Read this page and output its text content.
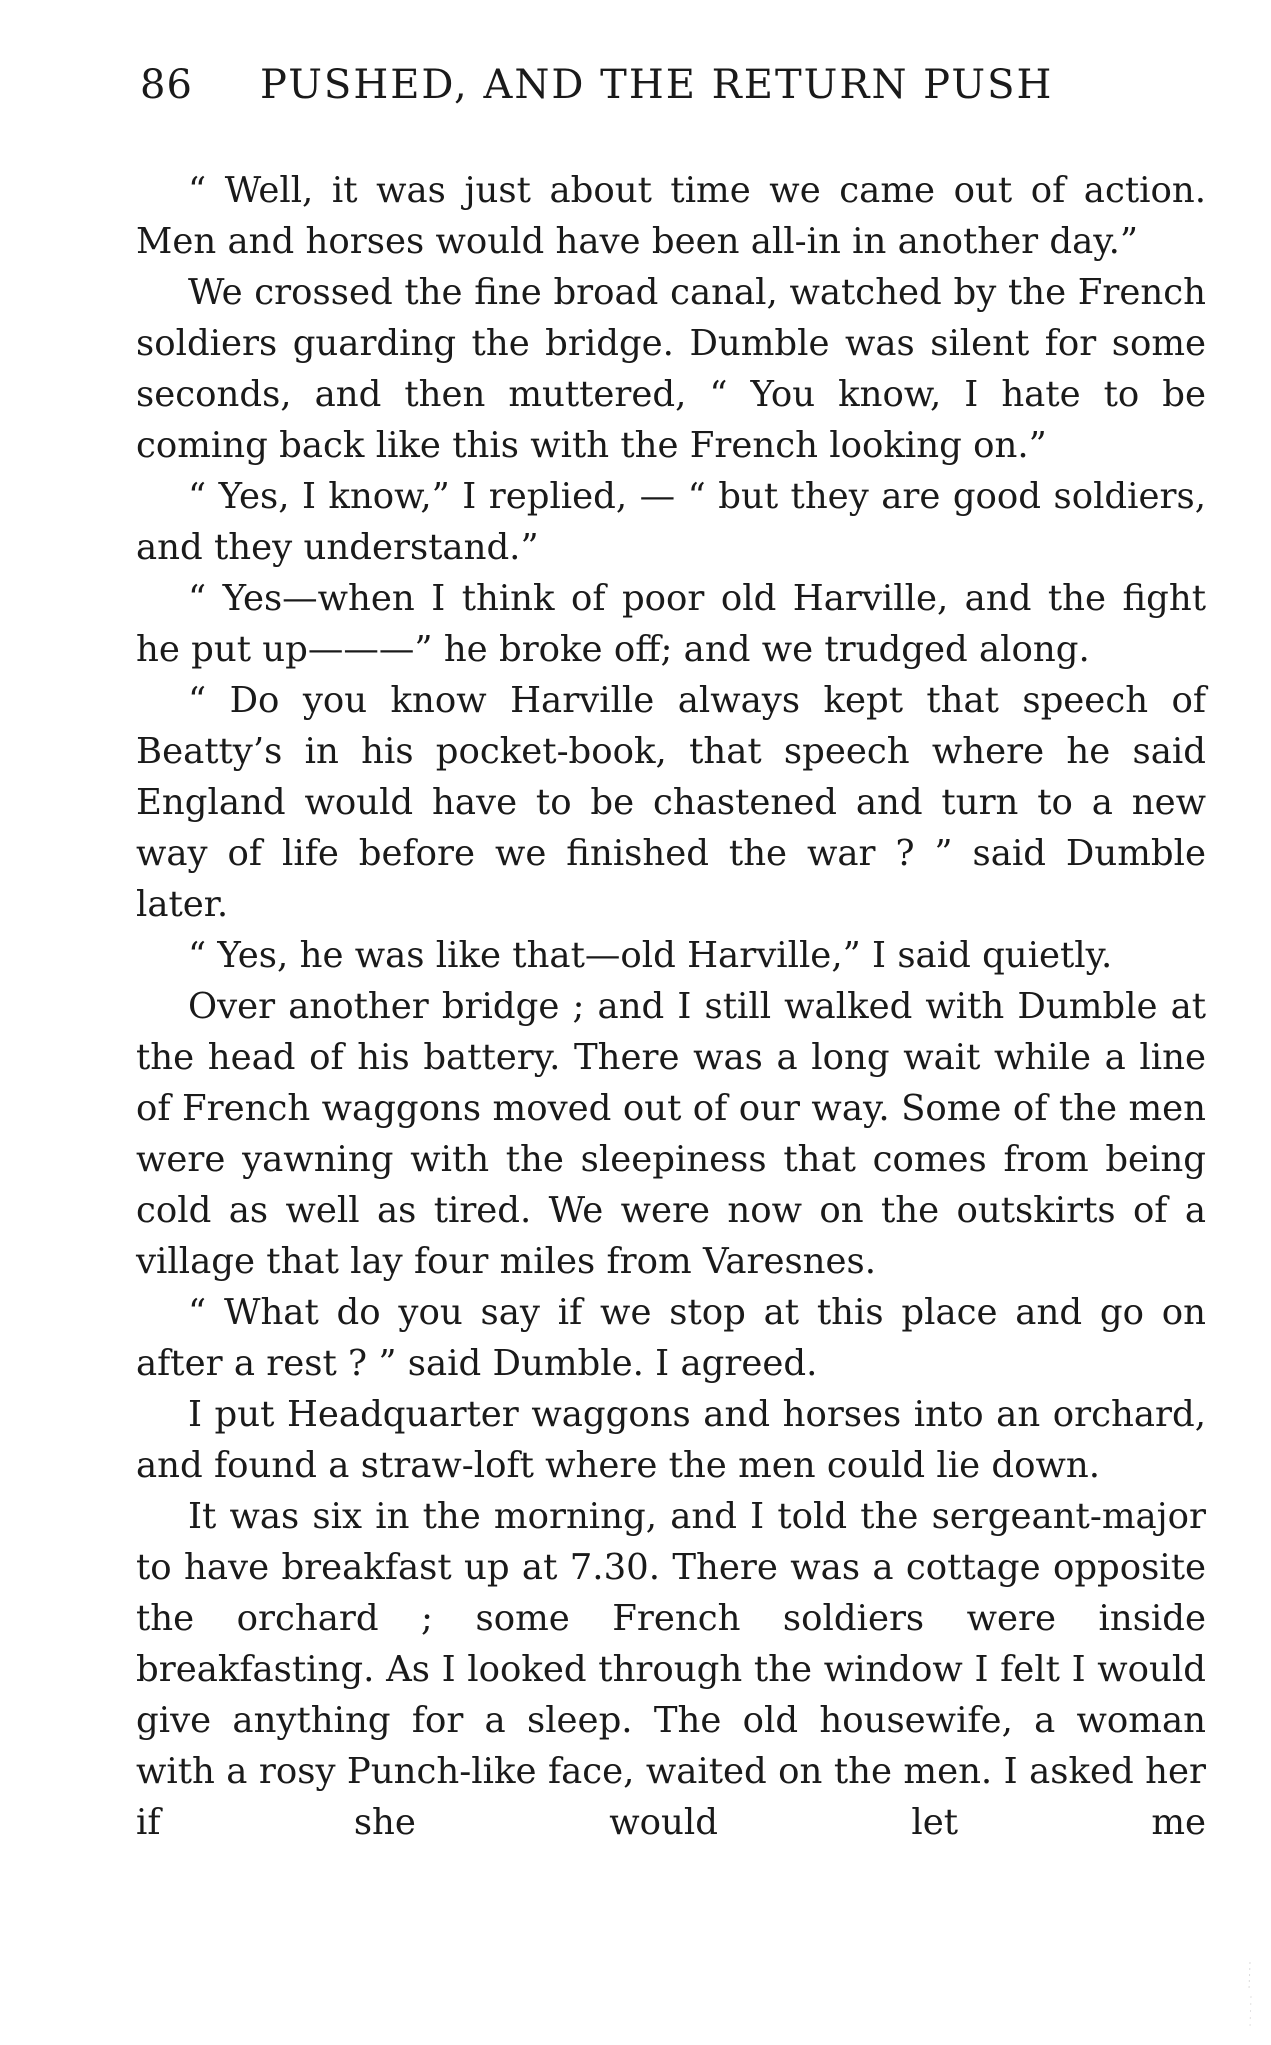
86 PUSHED, AND THE RETURN PUSH

“ Well, it was just about time we came out of action. Men and horses would have been all-in in another day.”

We crossed the fine broad canal, watched by the French soldiers guarding the bridge. Dumble was silent for some seconds, and then muttered, “ You know, I hate to be coming back like this with the French looking on.”

“ Yes, I know,” I replied, — “ but they are good soldiers, and they understand.”

“ Yes—when I think of poor old Harville, and the fight he put up———” he broke off; and we trudged along.

“ Do you know Harville always kept that speech of Beatty’s in his pocket-book, that speech where he said England would have to be chastened and turn to a new way of life before we finished the war ? ” said Dumble later.

“ Yes, he was like that—old Harville,” I said quietly.

Over another bridge ; and I still walked with Dumble at the head of his battery. There was a long wait while a line of French waggons moved out of our way. Some of the men were yawning with the sleepiness that comes from being cold as well as tired. We were now on the outskirts of a village that lay four miles from Varesnes.

“ What do you say if we stop at this place and go on after a rest ? ” said Dumble. I agreed.

I put Headquarter waggons and horses into an orchard, and found a straw-loft where the men could lie down.

It was six in the morning, and I told the sergeant-major to have breakfast up at 7.30. There was a cottage opposite the orchard ; some French soldiers were inside breakfasting. As I looked through the window I felt I would give anything for a sleep. The old housewife, a woman with a rosy Punch-like face, waited on the men. I asked her if she would let me
